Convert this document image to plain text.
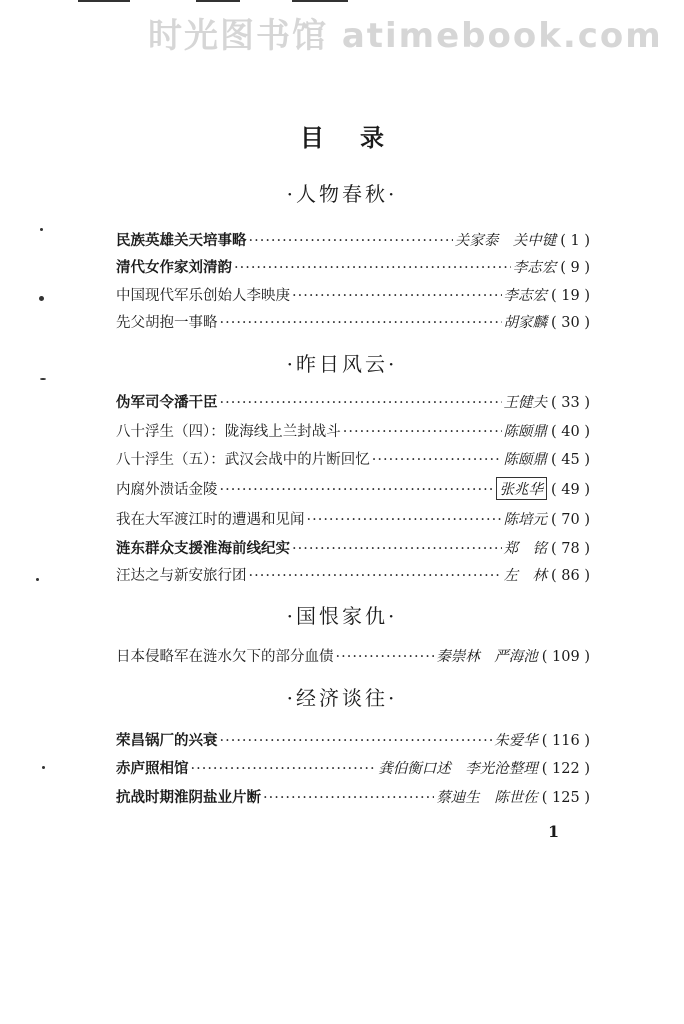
时光图书馆 atimebook.com
目录
·人物春秋·
民族英雄关天培事略 ·····	关家泰　关中键 ( 1 )
清代女作家刘清韵 ·····	李志宏 ( 9 )
中国现代军乐创始人李映庚 ·····	李志宏 ( 19 )
先父胡抱一事略 ·····	胡家麟 ( 30 )
·昨日风云·
伪军司令潘干臣 ·····	王健夫 ( 33 )
八十浮生（四）：陇海线上兰封战斗 ·····	陈颐鼎 ( 40 )
八十浮生（五）：武汉会战中的片断回忆 ·····	陈颐鼎 ( 45 )
内腐外溃话金陵 ·····	张兆华 ( 49 )
我在大军渡江时的遭遇和见闻 ·····	陈培元 ( 70 )
涟东群众支援淮海前线纪实 ·····	郑　铭 ( 78 )
汪达之与新安旅行团 ·····	左　林 ( 86 )
·国恨家仇·
日本侵略军在涟水欠下的部分血债 ·····	秦崇林　严海池 ( 109 )
·经济谈往·
荣昌锅厂的兴衰 ·····	朱爱华 ( 116 )
赤庐照相馆 ·····	龚伯衡口述　李光沧整理 ( 122 )
抗战时期淮阴盐业片断 ·····	蔡迪生　陈世佐 ( 125 )
1
